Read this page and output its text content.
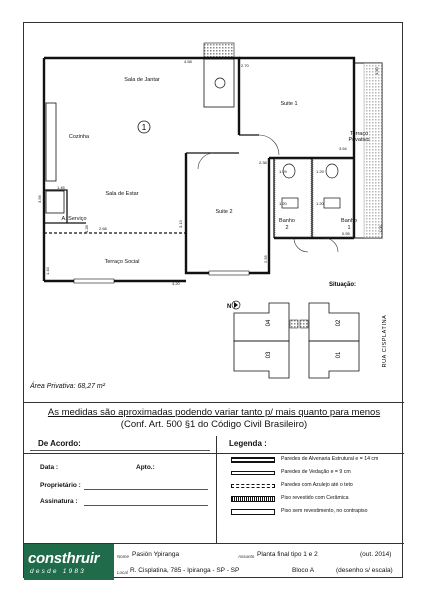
1
Sala de Jantar
Cozinha
Sala de Estar
A. Serviço
Terraço Social
Suite 1
Terraço
Privativo
Suite 2
Banho
2
Banho
1
4.58
2.70
1.45
3.56
2.38
3.54
1.29	1.29
1.20	1.20
2.68
1.28
3.13
2.55
4.20
1.44
0.55
1.09
4.40
Situação:
N
04	02
03	01	RUA CISPLATINA
Área Privativa: 68,27 m²
As medidas são aproximadas podendo variar tanto p/ mais quanto para menos
(Conf. Art. 500 §1 do Código Civil Brasileiro)
De Acordo:
Data :	Apto.:
Proprietário :
Assinatura :
Legenda :
Paredes de Alvenaria Estrutural e = 14 cm
Paredes de Vedação e = 9 cm
Paredes com Azulejo até o teto
Piso revestido com Cerâmica
Piso sem revestimento, no contrapiso
consthruir
desde 1983
Nome Pasión Ypiranga	Assunto Planta final tipo 1 e 2	(out. 2014)
Local R. Cisplatina, 785 - Ipiranga - SP - SP	Bloco A	(desenho s/ escala)
